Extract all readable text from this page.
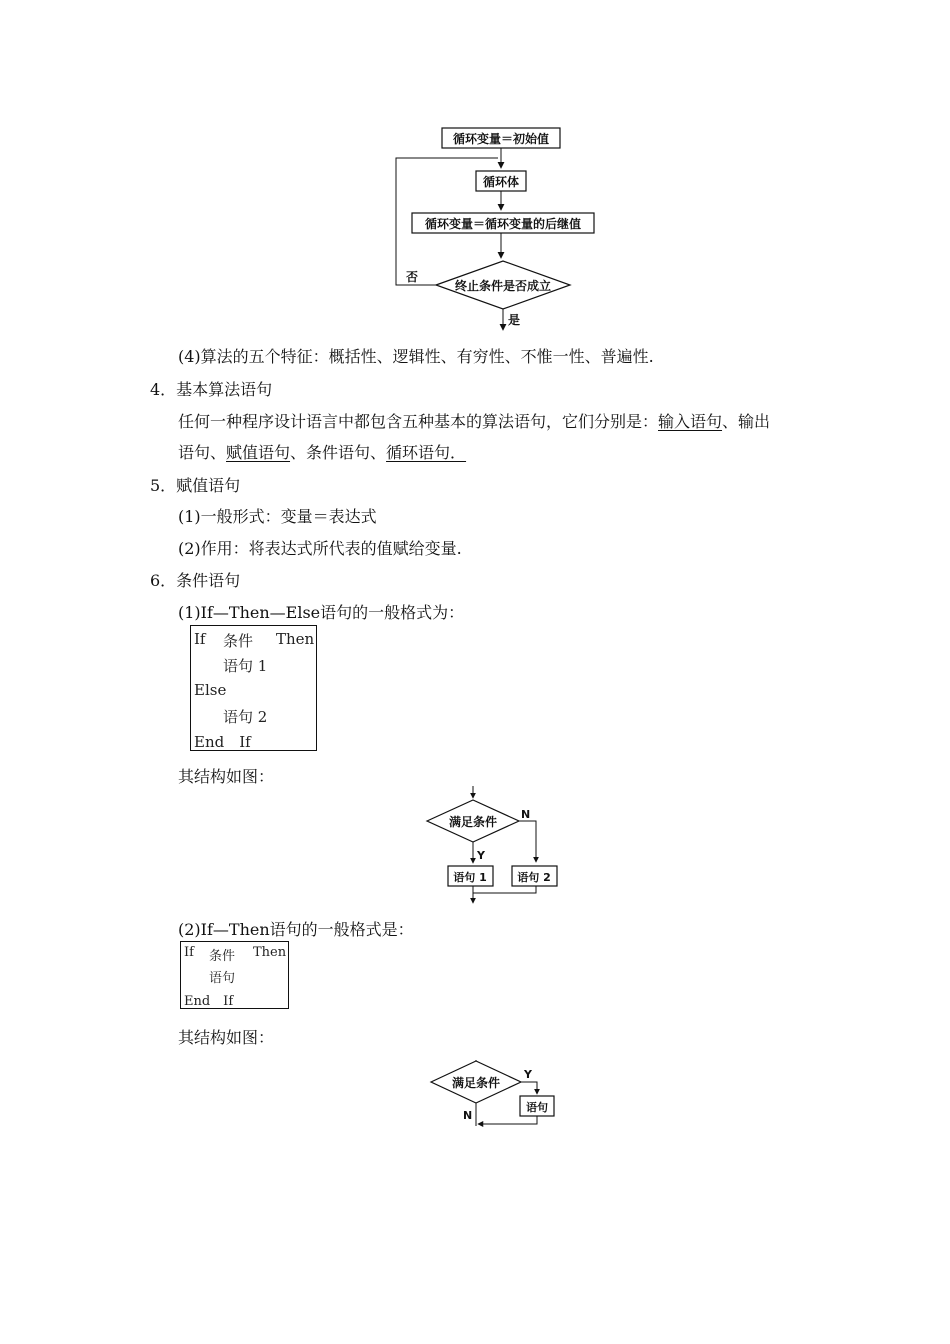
循环变量＝初始值
循环体
循环变量＝循环变量的后继值
终止条件是否成立
否
是
(4)算法的五个特征：概括性、逻辑性、有穷性、不惟一性、普遍性.
4．基本算法语句
任何一种程序设计语言中都包含五种基本的算法语句，它们分别是：输入语句、输出
语句、赋值语句、条件语句、循环语句．
5．赋值语句
(1)一般形式：变量＝表达式
(2)作用：将表达式所代表的值赋给变量.
6．条件语句
(1)If—Then—Else语句的一般格式为：
If 条件 Then
语句 1
Else
语句 2
End　If
其结构如图：
满足条件
N
Y
语句 1	语句 2
(2)If—Then语句的一般格式是：
If 条件 Then
语句
End　If
其结构如图：
满足条件
Y
语句
N
